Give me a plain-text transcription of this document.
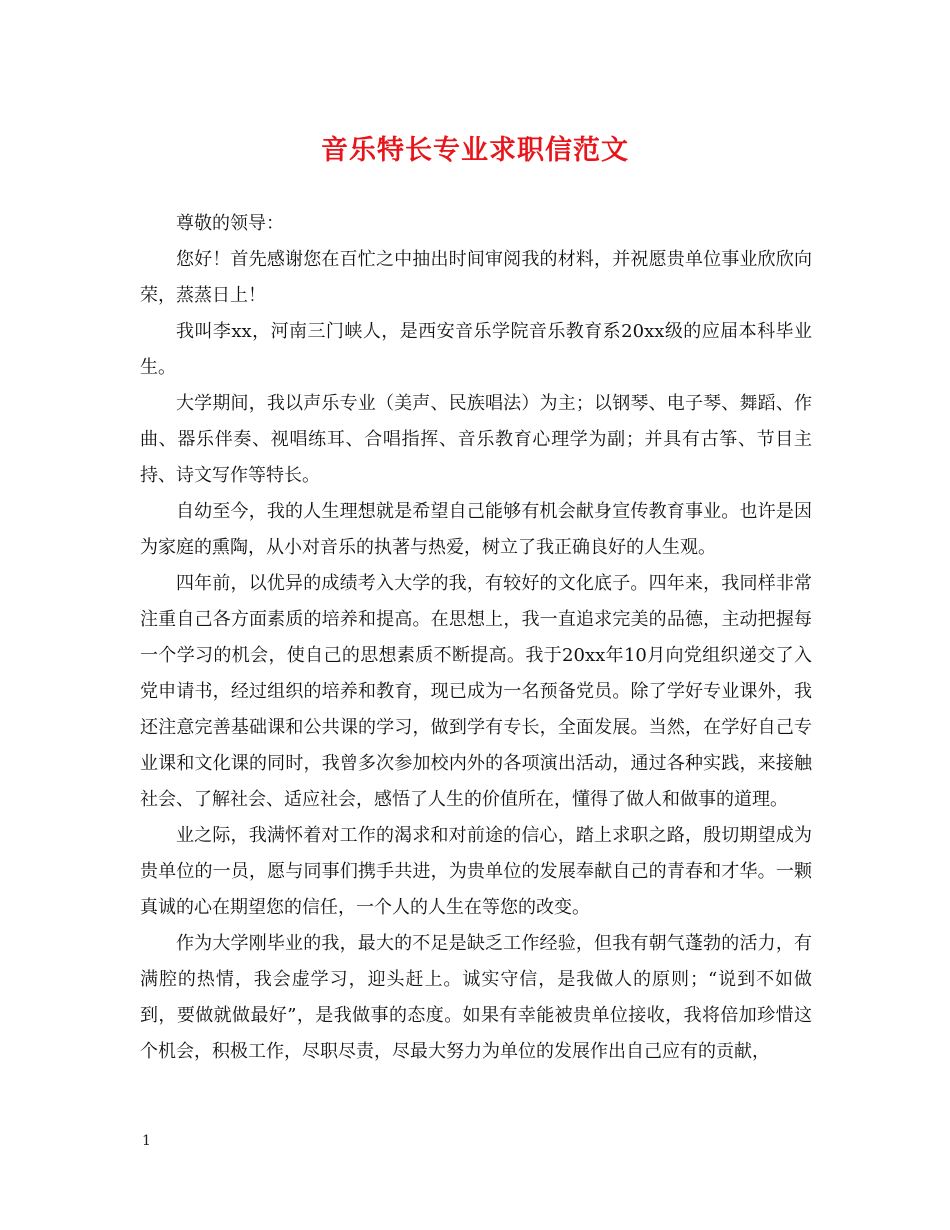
音乐特长专业求职信范文

尊敬的领导：

您好！首先感谢您在百忙之中抽出时间审阅我的材料，并祝愿贵单位事业欣欣向荣，蒸蒸日上！

我叫李xx，河南三门峡人，是西安音乐学院音乐教育系20xx级的应届本科毕业生。

大学期间，我以声乐专业（美声、民族唱法）为主；以钢琴、电子琴、舞蹈、作曲、器乐伴奏、视唱练耳、合唱指挥、音乐教育心理学为副；并具有古筝、节目主持、诗文写作等特长。

自幼至今，我的人生理想就是希望自己能够有机会献身宣传教育事业。也许是因为家庭的熏陶，从小对音乐的执著与热爱，树立了我正确良好的人生观。

四年前，以优异的成绩考入大学的我，有较好的文化底子。四年来，我同样非常注重自己各方面素质的培养和提高。在思想上，我一直追求完美的品德，主动把握每一个学习的机会，使自己的思想素质不断提高。我于20xx年10月向党组织递交了入党申请书，经过组织的培养和教育，现已成为一名预备党员。除了学好专业课外，我还注意完善基础课和公共课的学习，做到学有专长，全面发展。当然，在学好自己专业课和文化课的同时，我曾多次参加校内外的各项演出活动，通过各种实践，来接触社会、了解社会、适应社会，感悟了人生的价值所在，懂得了做人和做事的道理。

业之际，我满怀着对工作的渴求和对前途的信心，踏上求职之路，殷切期望成为贵单位的一员，愿与同事们携手共进，为贵单位的发展奉献自己的青春和才华。一颗真诚的心在期望您的信任，一个人的人生在等您的改变。

作为大学刚毕业的我，最大的不足是缺乏工作经验，但我有朝气蓬勃的活力，有满腔的热情，我会虚学习，迎头赶上。诚实守信，是我做人的原则；“说到不如做到，要做就做最好”，是我做事的态度。如果有幸能被贵单位接收，我将倍加珍惜这个机会，积极工作，尽职尽责，尽最大努力为单位的发展作出自己应有的贡献，

1
